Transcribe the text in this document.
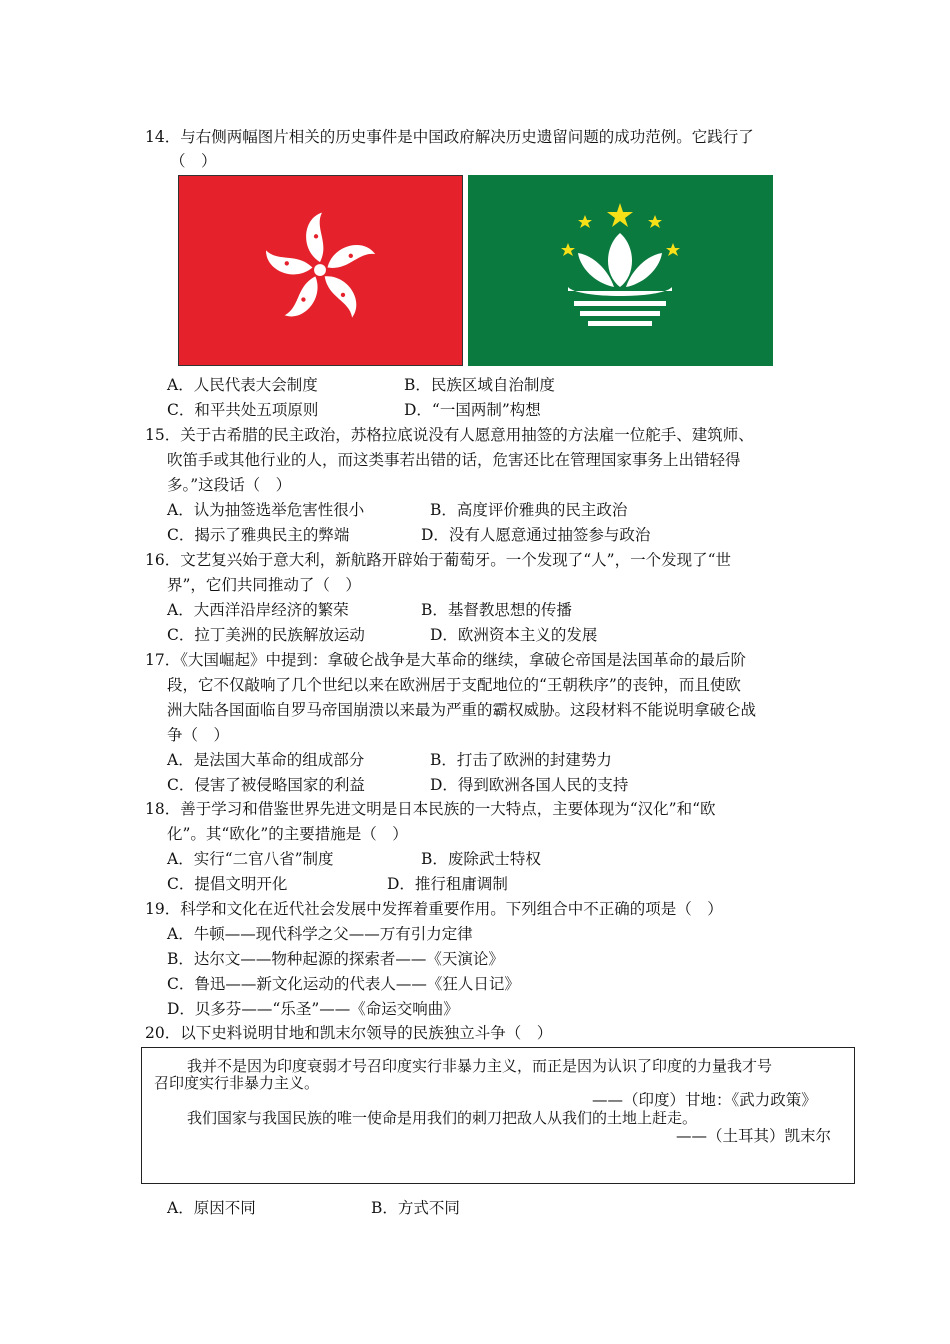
14．与右侧两幅图片相关的历史事件是中国政府解决历史遗留问题的成功范例。它践行了
（　）
A．人民代表大会制度	B．民族区域自治制度
C．和平共处五项原则	D．“一国两制”构想
15．关于古希腊的民主政治，苏格拉底说没有人愿意用抽签的方法雇一位舵手、建筑师、
吹笛手或其他行业的人，而这类事若出错的话，危害还比在管理国家事务上出错轻得
多。”这段话（　）
A．认为抽签选举危害性很小	B．高度评价雅典的民主政治
C．揭示了雅典民主的弊端	D．没有人愿意通过抽签参与政治
16．文艺复兴始于意大利，新航路开辟始于葡萄牙。一个发现了“人”，一个发现了“世
界”，它们共同推动了（　）
A．大西洋沿岸经济的繁荣	B．基督教思想的传播
C．拉丁美洲的民族解放运动	D．欧洲资本主义的发展
17．《大国崛起》中提到：拿破仑战争是大革命的继续，拿破仑帝国是法国革命的最后阶
段，它不仅敲响了几个世纪以来在欧洲居于支配地位的“王朝秩序”的丧钟，而且使欧
洲大陆各国面临自罗马帝国崩溃以来最为严重的霸权威胁。这段材料不能说明拿破仑战
争（　）
A．是法国大革命的组成部分	B．打击了欧洲的封建势力
C．侵害了被侵略国家的利益	D．得到欧洲各国人民的支持
18．善于学习和借鉴世界先进文明是日本民族的一大特点，主要体现为“汉化”和“欧
化”。其“欧化”的主要措施是（　）
A．实行“二官八省”制度	B．废除武士特权
C．提倡文明开化	D．推行租庸调制
19．科学和文化在近代社会发展中发挥着重要作用。下列组合中不正确的项是（　）
A．牛顿——现代科学之父——万有引力定律
B．达尔文——物种起源的探索者——《天演论》
C．鲁迅——新文化运动的代表人——《狂人日记》
D．贝多芬——“乐圣”——《命运交响曲》
20．以下史料说明甘地和凯末尔领导的民族独立斗争（　）
我并不是因为印度衰弱才号召印度实行非暴力主义，而正是因为认识了印度的力量我才号
召印度实行非暴力主义。
——（印度）甘地：《武力政策》
我们国家与我国民族的唯一使命是用我们的刺刀把敌人从我们的土地上赶走。
——（土耳其）凯末尔
A．原因不同	B．方式不同
